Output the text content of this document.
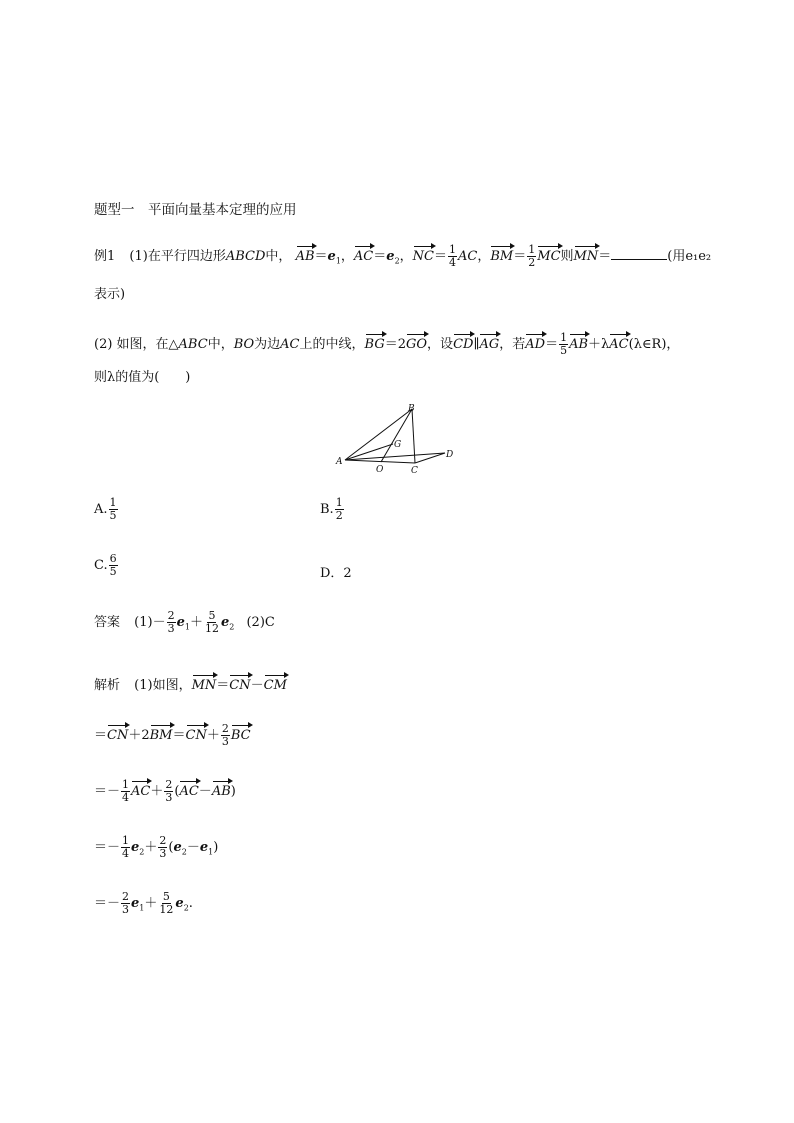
题型一　平面向量基本定理的应用
例1 (1)在平行四边形ABCD中， $AB=e_1$，$AC=e_2$，$NC= \frac{1}{4}$ AC，$BM= \frac{1}{2}$ MC则MN＝	(用e₁e₂
表示)
(2) 如图，在△ABC中，BO为边AC上的中线，BG＝2GO，设CD∥AG，若$AD= \frac{1}{5}$ AB＋λAC(λ∈R)，
则λ的值为(　　)
A
B
C
D
G
O
A. $\frac{1}{5}$	B. $\frac{1}{2}$
C. $\frac{6}{5}$	D．2
答案 $(1)- \frac{2}{3} e_1+ \frac{5}{12} e_2$ (2)C
解析 (1)如图，MN＝CN－CM
$=CN+2BM=CN+ \frac{2}{3}$ BC
＝－ $\frac{1}{4} AC+ \frac{2}{3} (AC-AB)$
＝－ $\frac{1}{4} e_2+ \frac{2}{3} (e_2-e_1)$
＝－ $\frac{2}{3} e_1+ \frac{5}{12} e_2$.
